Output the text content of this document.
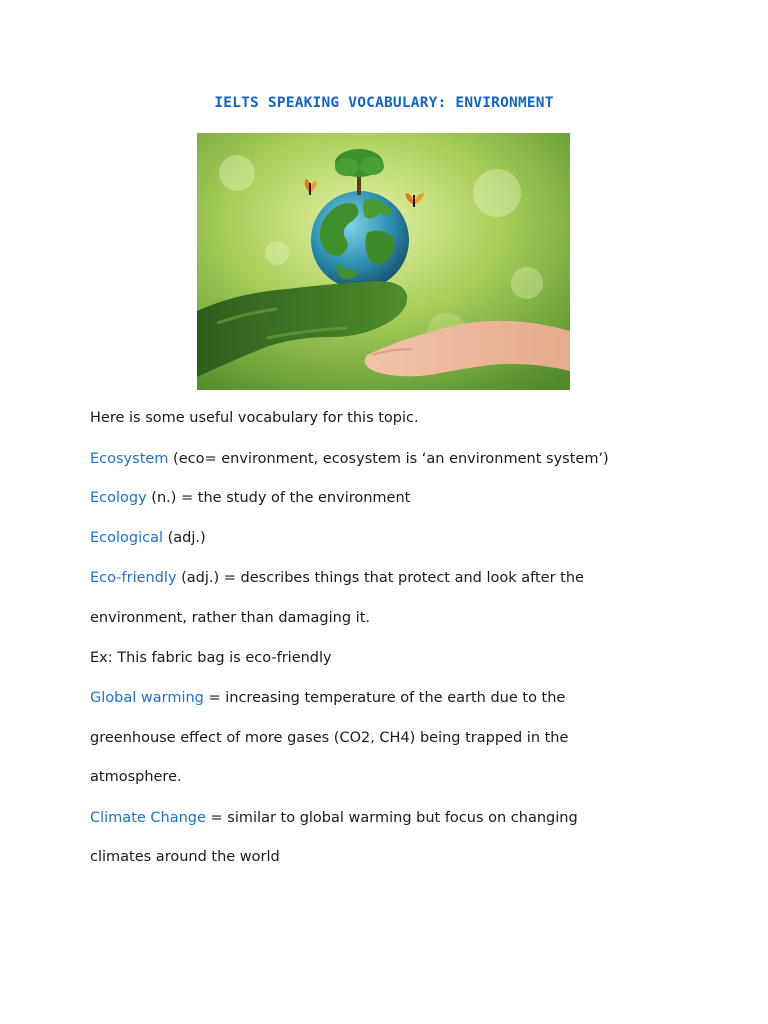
IELTS SPEAKING VOCABULARY: ENVIRONMENT
Here is some useful vocabulary for this topic.
Ecosystem (eco= environment, ecosystem is ‘an environment system’)
Ecology (n.) = the study of the environment
Ecological (adj.)
Eco-friendly (adj.) = describes things that protect and look after the
environment, rather than damaging it.
Ex: This fabric bag is eco-friendly
Global warming = increasing temperature of the earth due to the
greenhouse effect of more gases (CO2, CH4) being trapped in the
atmosphere.
Climate Change = similar to global warming but focus on changing
climates around the world
